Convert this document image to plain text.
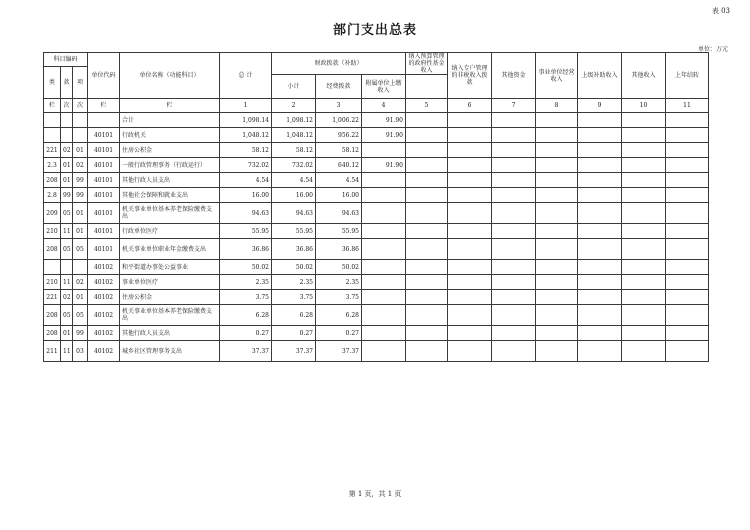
表 03
部门支出总表
单位：万元
科目编码			单位代码	单位名称（功能科目）	总 计	财政拨款（补助）			纳入预算管理的政府性基金收入	纳入专户管理的非税收入拨款	其他资金	事业单位经营收入	上级补助收入	其他收入	上年结转
类	款	项													
						小计	经费拨款	附属单位上缴收入							
栏	次	次	栏	栏	1	2	3	4	5	6	7	8	9	10	11
				合计	1,098.14	1,098.12	1,006.22	91.90							
			40101	行政机关	1,048.12	1,048.12	956.22	91.90							
221	02	01	40101	住房公积金	58.12	58.12	58.12								
2.3	01	02	40101	一般行政管理事务（行政运行）	732.02	732.02	640.12	91.90							
208	01	99	40101	其他行政人员支出	4.54	4.54	4.54								
2.8	99	99	40101	其他社会保障和就业支出	16.00	16.00	16.00								
209	05	01	40101	机关事业单位基本养老保险缴费支出	94.63	94.63	94.63								
210	11	01	40101	行政单位医疗	55.95	55.95	55.95								
208	05	05	40101	机关事业单位职业年金缴费支出	36.86	36.86	36.86								
			40102	和平街道办事处公益事业	50.02	50.02	50.02								
210	11	02	40102	事业单位医疗	2.35	2.35	2.35								
221	02	01	40102	住房公积金	3.75	3.75	3.75								
208	05	05	40102	机关事业单位基本养老保险缴费支出	6.28	6.28	6.28								
208	01	99	40102	其他行政人员支出	0.27	0.27	0.27								
211	11	03	40102	城乡社区管理事务支出	37.37	37.37	37.37								
第 1 页，共 1 页
